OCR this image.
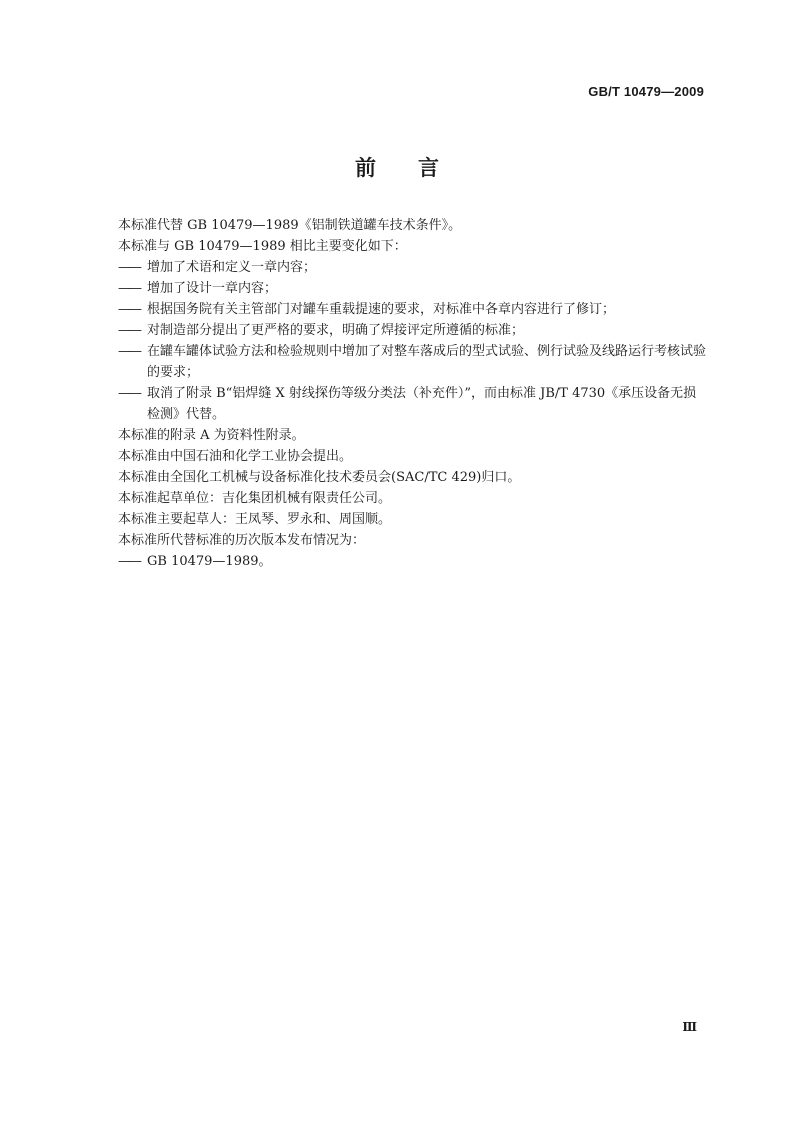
GB/T 10479—2009
前 言

本标准代替 GB 10479—1989《铝制铁道罐车技术条件》。

本标准与 GB 10479—1989 相比主要变化如下：

—— 增加了术语和定义一章内容；
—— 增加了设计一章内容；
—— 根据国务院有关主管部门对罐车重载提速的要求，对标准中各章内容进行了修订；
—— 对制造部分提出了更严格的要求，明确了焊接评定所遵循的标准；
—— 在罐车罐体试验方法和检验规则中增加了对整车落成后的型式试验、例行试验及线路运行考核试验的要求；
—— 取消了附录 B“铝焊缝 X 射线探伤等级分类法（补充件）”，而由标准 JB/T 4730《承压设备无损检测》代替。

本标准的附录 A 为资料性附录。

本标准由中国石油和化学工业协会提出。

本标准由全国化工机械与设备标准化技术委员会(SAC/TC 429)归口。

本标准起草单位：吉化集团机械有限责任公司。

本标准主要起草人：王凤琴、罗永和、周国顺。

本标准所代替标准的历次版本发布情况为：

—— GB 10479—1989。
Ⅲ
